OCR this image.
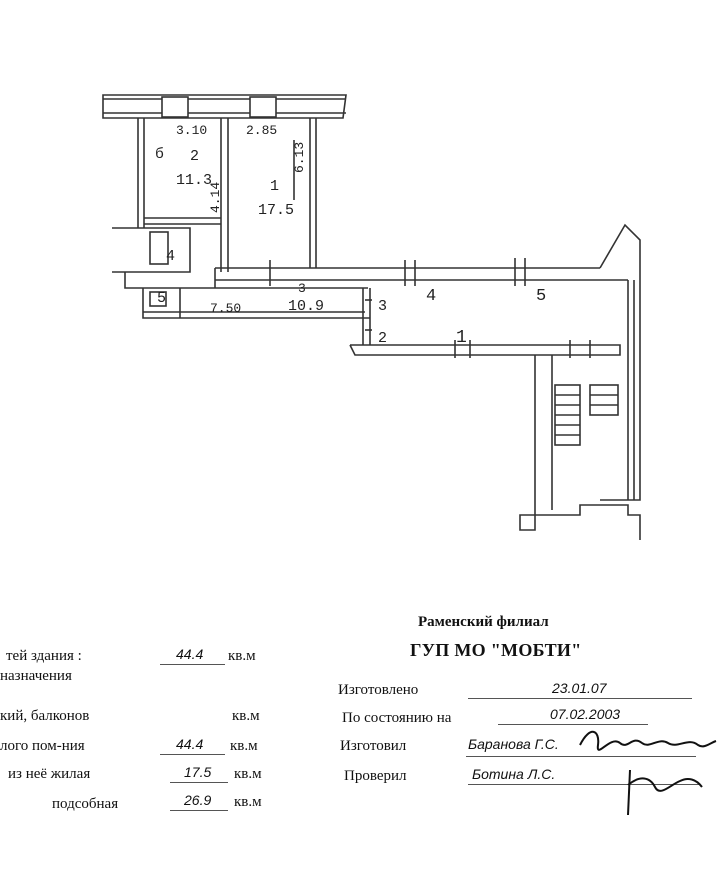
3.10	2.85
6.13
4.14
7.50
2
11.3	1
17.5
10.9
4
5
б
3	4	5
3
2	1
Раменский филиал
ГУП МО "МОБТИ"
тей здания :	44.4 кв.м
назначения
кий, балконов	кв.м
лого пом-ния	44.4 кв.м
из неё жилая	17.5 кв.м
подсобная	26.9 кв.м
Изготовлено	23.01.07
По состоянию на	07.02.2003
Изготовил	Баранова Г.С.
Проверил	Ботина Л.С.
